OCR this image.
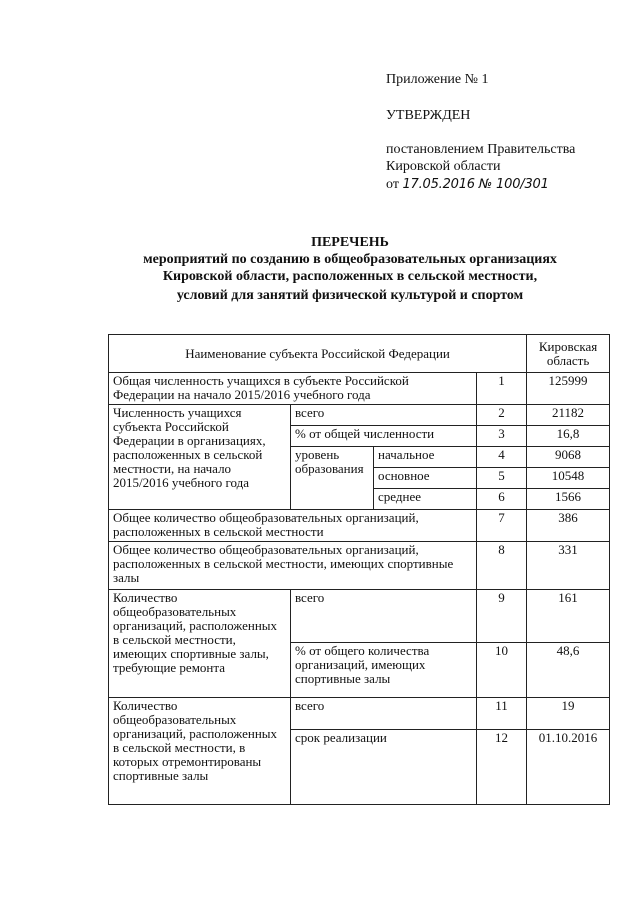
Приложение № 1
УТВЕРЖДЕН
постановлением Правительства
Кировской области
от 17.05.2016 № 100/301
ПЕРЕЧЕНЬ
мероприятий по созданию в общеобразовательных организациях
Кировской области, расположенных в сельской местности,
условий для занятий физической культурой и спортом
Наименование субъекта Российской Федерации				Кировская область
Общая численность учащихся в субъекте Российской Федерации на начало 2015/2016 учебного года			1	125999
Численность учащихся субъекта Российской Федерации в организациях, расположенных в сельской местности, на начало 2015/2016 учебного года	всего		2	21182
	% от общей численности		3	16,8
	уровень образования	начальное	4	9068
		основное	5	10548
		среднее	6	1566
Общее количество общеобразовательных организаций, расположенных в сельской местности			7	386
Общее количество общеобразовательных организаций, расположенных в сельской местности, имеющих спортивные залы			8	331
Количество общеобразовательных организаций, расположенных в сельской местности, имеющих спортивные залы, требующие ремонта	всего		9	161
	% от общего количества организаций, имеющих спортивные залы		10	48,6
Количество общеобразовательных организаций, расположенных в сельской местности, в которых отремонтированы спортивные залы	всего		11	19
	срок реализации		12	01.10.2016
